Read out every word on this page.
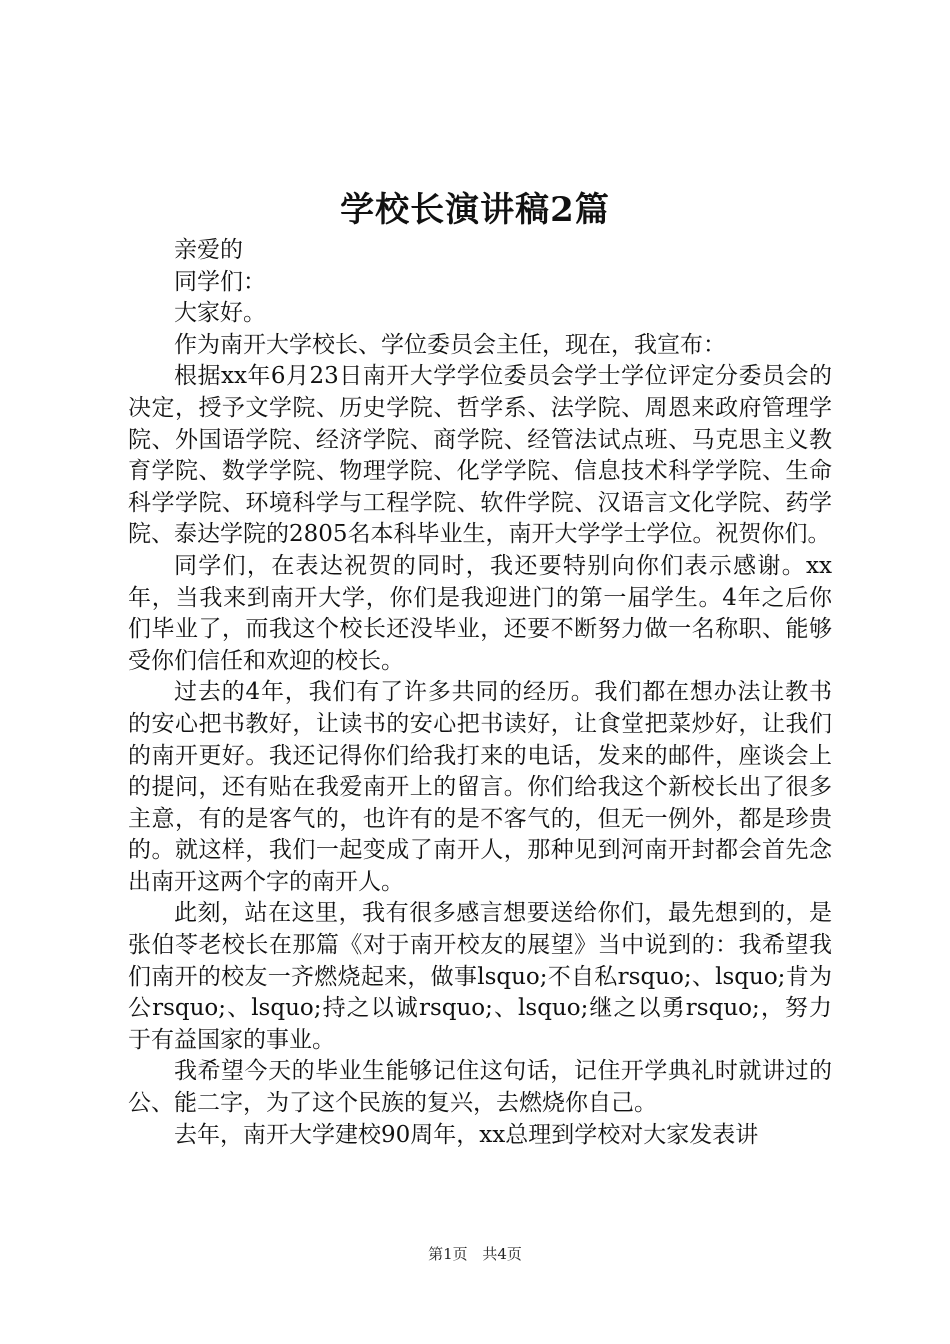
学校长演讲稿2篇

亲爱的

同学们：

大家好。

作为南开大学校长、学位委员会主任，现在，我宣布：

根据xx年6月23日南开大学学位委员会学士学位评定分委员会的决定，授予文学院、历史学院、哲学系、法学院、周恩来政府管理学院、外国语学院、经济学院、商学院、经管法试点班、马克思主义教育学院、数学学院、物理学院、化学学院、信息技术科学学院、生命科学学院、环境科学与工程学院、软件学院、汉语言文化学院、药学院、泰达学院的2805名本科毕业生，南开大学学士学位。祝贺你们。

同学们，在表达祝贺的同时，我还要特别向你们表示感谢。xx年，当我来到南开大学，你们是我迎进门的第一届学生。4年之后你们毕业了，而我这个校长还没毕业，还要不断努力做一名称职、能够受你们信任和欢迎的校长。

过去的4年，我们有了许多共同的经历。我们都在想办法让教书的安心把书教好，让读书的安心把书读好，让食堂把菜炒好，让我们的南开更好。我还记得你们给我打来的电话，发来的邮件，座谈会上的提问，还有贴在我爱南开上的留言。你们给我这个新校长出了很多主意，有的是客气的，也许有的是不客气的，但无一例外，都是珍贵的。就这样，我们一起变成了南开人，那种见到河南开封都会首先念出南开这两个字的南开人。

此刻，站在这里，我有很多感言想要送给你们，最先想到的，是张伯苓老校长在那篇《对于南开校友的展望》当中说到的：我希望我们南开的校友一齐燃烧起来，做事lsquo;不自私rsquo;、lsquo;肯为公rsquo;、lsquo;持之以诚rsquo;、lsquo;继之以勇rsquo;，努力于有益国家的事业。

我希望今天的毕业生能够记住这句话，记住开学典礼时就讲过的公、能二字，为了这个民族的复兴，去燃烧你自己。

去年，南开大学建校90周年，xx总理到学校对大家发表讲

第1页 共4页
